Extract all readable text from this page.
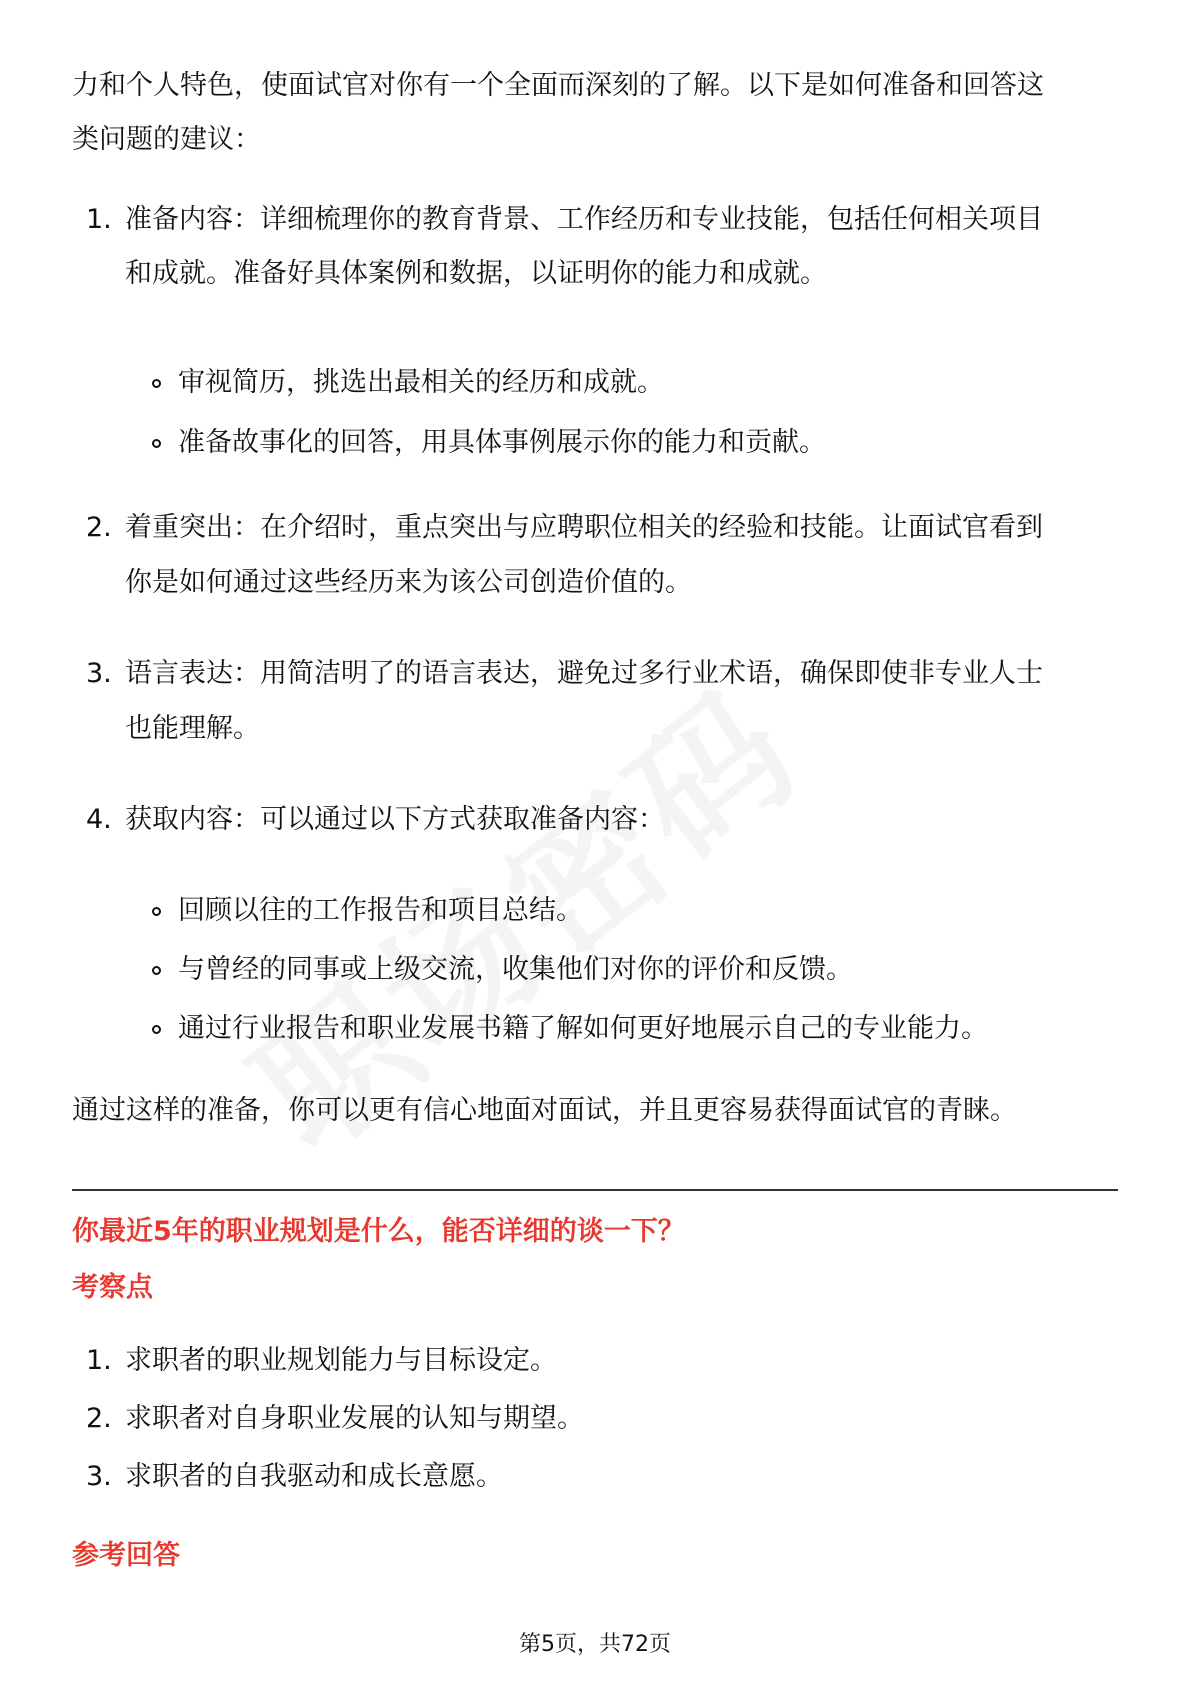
力和个人特色，使面试官对你有一个全面而深刻的了解。以下是如何准备和回答这
类问题的建议：
1. 准备内容：详细梳理你的教育背景、工作经历和专业技能，包括任何相关项目
和成就。准备好具体案例和数据，以证明你的能力和成就。
审视简历，挑选出最相关的经历和成就。
准备故事化的回答，用具体事例展示你的能力和贡献。
2. 着重突出：在介绍时，重点突出与应聘职位相关的经验和技能。让面试官看到
你是如何通过这些经历来为该公司创造价值的。
3. 语言表达：用简洁明了的语言表达，避免过多行业术语，确保即使非专业人士
也能理解。
4. 获取内容：可以通过以下方式获取准备内容：
回顾以往的工作报告和项目总结。
与曾经的同事或上级交流，收集他们对你的评价和反馈。
通过行业报告和职业发展书籍了解如何更好地展示自己的专业能力。
通过这样的准备，你可以更有信心地面对面试，并且更容易获得面试官的青睐。
你最近5年的职业规划是什么，能否详细的谈一下？
考察点
1. 求职者的职业规划能力与目标设定。
2. 求职者对自身职业发展的认知与期望。
3. 求职者的自我驱动和成长意愿。
参考回答
第5页，共72页
